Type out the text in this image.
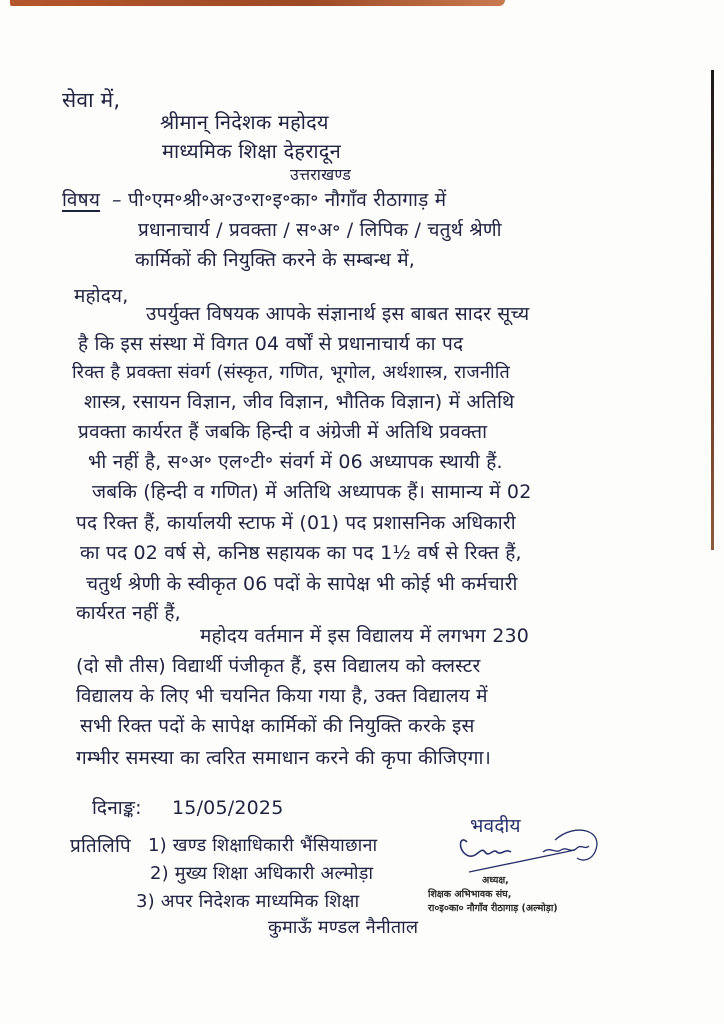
सेवा में,
श्रीमान् निदेशक महोदय
माध्यमिक शिक्षा देहरादून
उत्तराखण्ड
विषय – पी॰एम॰श्री॰अ॰उ॰रा॰इ॰का॰ नौगाँव रीठागाड़ में
प्रधानाचार्य / प्रवक्ता / स॰अ॰ / लिपिक / चतुर्थ श्रेणी
कार्मिकों की नियुक्ति करने के सम्बन्ध में,
महोदय,
उपर्युक्त विषयक आपके संज्ञानार्थ इस बाबत सादर सूच्य
है कि इस संस्था में विगत 04 वर्षों से प्रधानाचार्य का पद
रिक्त है प्रवक्ता संवर्ग (संस्कृत, गणित, भूगोल, अर्थशास्त्र, राजनीति
शास्त्र, रसायन विज्ञान, जीव विज्ञान, भौतिक विज्ञान) में अतिथि
प्रवक्ता कार्यरत हैं जबकि हिन्दी व अंग्रेजी में अतिथि प्रवक्ता
भी नहीं है, स॰अ॰ एल॰टी॰ संवर्ग में 06 अध्यापक स्थायी हैं.
जबकि (हिन्दी व गणित) में अतिथि अध्यापक हैं। सामान्य में 02
पद रिक्त हैं, कार्यालयी स्टाफ में (01) पद प्रशासनिक अधिकारी
का पद 02 वर्ष से, कनिष्ठ सहायक का पद 1½ वर्ष से रिक्त हैं,
चतुर्थ श्रेणी के स्वीकृत 06 पदों के सापेक्ष भी कोई भी कर्मचारी
कार्यरत नहीं हैं,
महोदय वर्तमान में इस विद्यालय में लगभग 230
(दो सौ तीस) विद्यार्थी पंजीकृत हैं, इस विद्यालय को क्लस्टर
विद्यालय के लिए भी चयनित किया गया है, उक्त विद्यालय में
सभी रिक्त पदों के सापेक्ष कार्मिकों की नियुक्ति करके इस
गम्भीर समस्या का त्वरित समाधान करने की कृपा कीजिएगा।
दिनाङ्क: 15/05/2025
प्रतिलिपि 1) खण्ड शिक्षाधिकारी भैंसियाछाना
2) मुख्य शिक्षा अधिकारी अल्मोड़ा
3) अपर निदेशक माध्यमिक शिक्षा
कुमाऊँ मण्डल नैनीताल
भवदीय
अध्यक्ष,
शिक्षक अभिभावक संघ,
रा०इ०का० नौगाँव रीठागाड़ (अल्मोड़ा)
